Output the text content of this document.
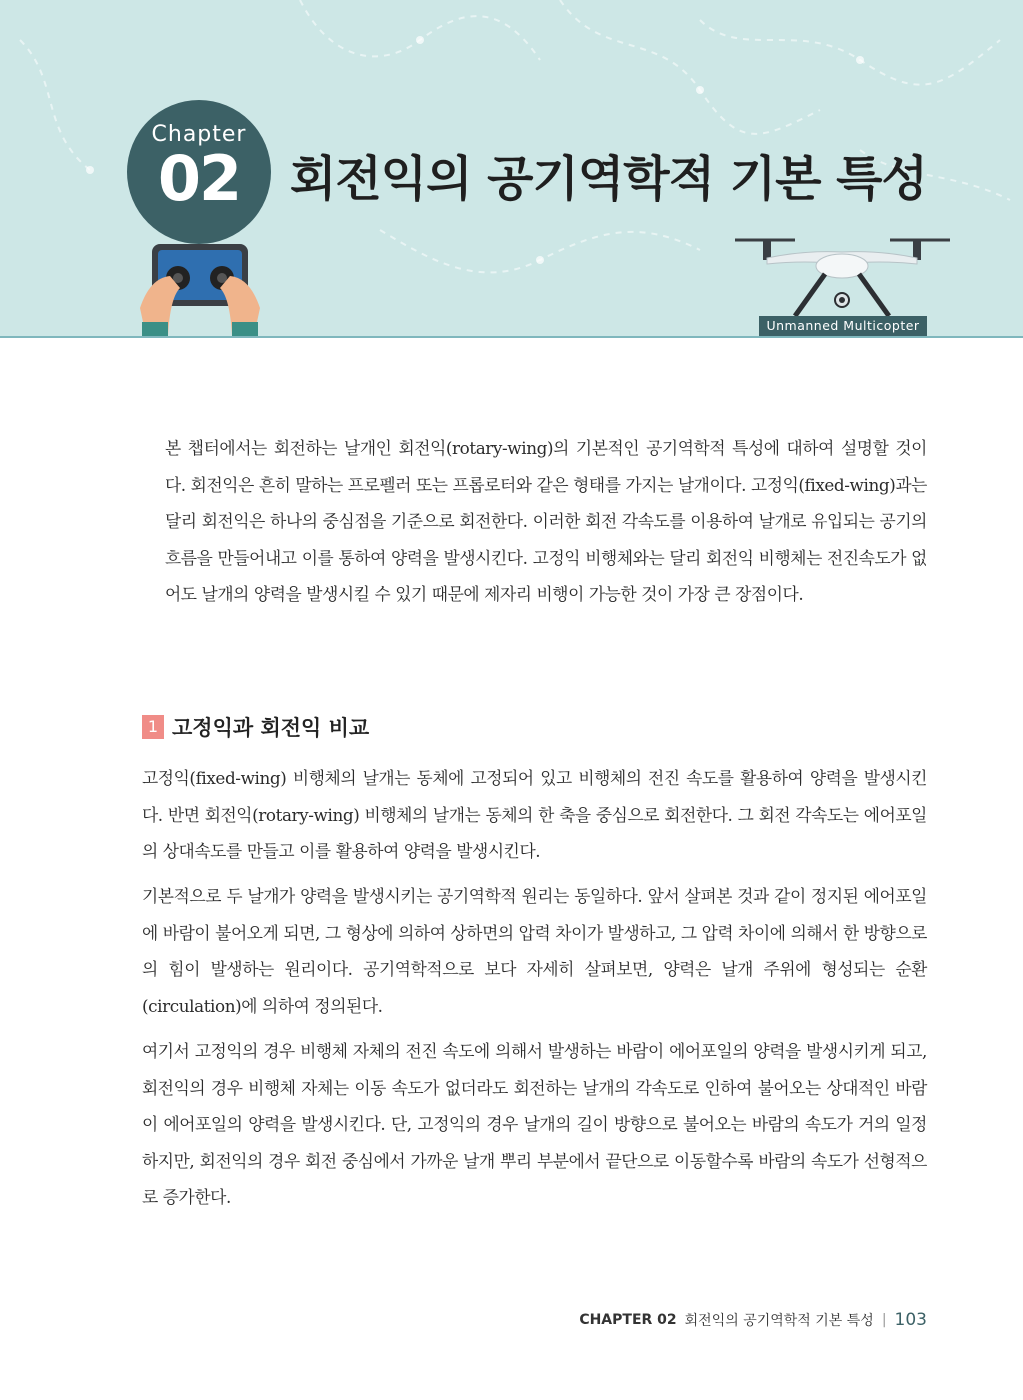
Chapter
02	회전익의 공기역학적 기본 특성
Unmanned Multicopter

본 챕터에서는 회전하는 날개인 회전익(rotary-wing)의 기본적인 공기역학적 특성에 대하여 설명할 것이다. 회전익은 흔히 말하는 프로펠러 또는 프롭로터와 같은 형태를 가지는 날개이다. 고정익(fixed-wing)과는 달리 회전익은 하나의 중심점을 기준으로 회전한다. 이러한 회전 각속도를 이용하여 날개로 유입되는 공기의 흐름을 만들어내고 이를 통하여 양력을 발생시킨다. 고정익 비행체와는 달리 회전익 비행체는 전진속도가 없어도 날개의 양력을 발생시킬 수 있기 때문에 제자리 비행이 가능한 것이 가장 큰 장점이다.

1 고정익과 회전익 비교

고정익(fixed-wing) 비행체의 날개는 동체에 고정되어 있고 비행체의 전진 속도를 활용하여 양력을 발생시킨다. 반면 회전익(rotary-wing) 비행체의 날개는 동체의 한 축을 중심으로 회전한다. 그 회전 각속도는 에어포일의 상대속도를 만들고 이를 활용하여 양력을 발생시킨다.

기본적으로 두 날개가 양력을 발생시키는 공기역학적 원리는 동일하다. 앞서 살펴본 것과 같이 정지된 에어포일에 바람이 불어오게 되면, 그 형상에 의하여 상하면의 압력 차이가 발생하고, 그 압력 차이에 의해서 한 방향으로의 힘이 발생하는 원리이다. 공기역학적으로 보다 자세히 살펴보면, 양력은 날개 주위에 형성되는 순환(circulation)에 의하여 정의된다.

여기서 고정익의 경우 비행체 자체의 전진 속도에 의해서 발생하는 바람이 에어포일의 양력을 발생시키게 되고, 회전익의 경우 비행체 자체는 이동 속도가 없더라도 회전하는 날개의 각속도로 인하여 불어오는 상대적인 바람이 에어포일의 양력을 발생시킨다. 단, 고정익의 경우 날개의 길이 방향으로 불어오는 바람의 속도가 거의 일정하지만, 회전익의 경우 회전 중심에서 가까운 날개 뿌리 부분에서 끝단으로 이동할수록 바람의 속도가 선형적으로 증가한다.

CHAPTER 02 회전익의 공기역학적 기본 특성 | 103
